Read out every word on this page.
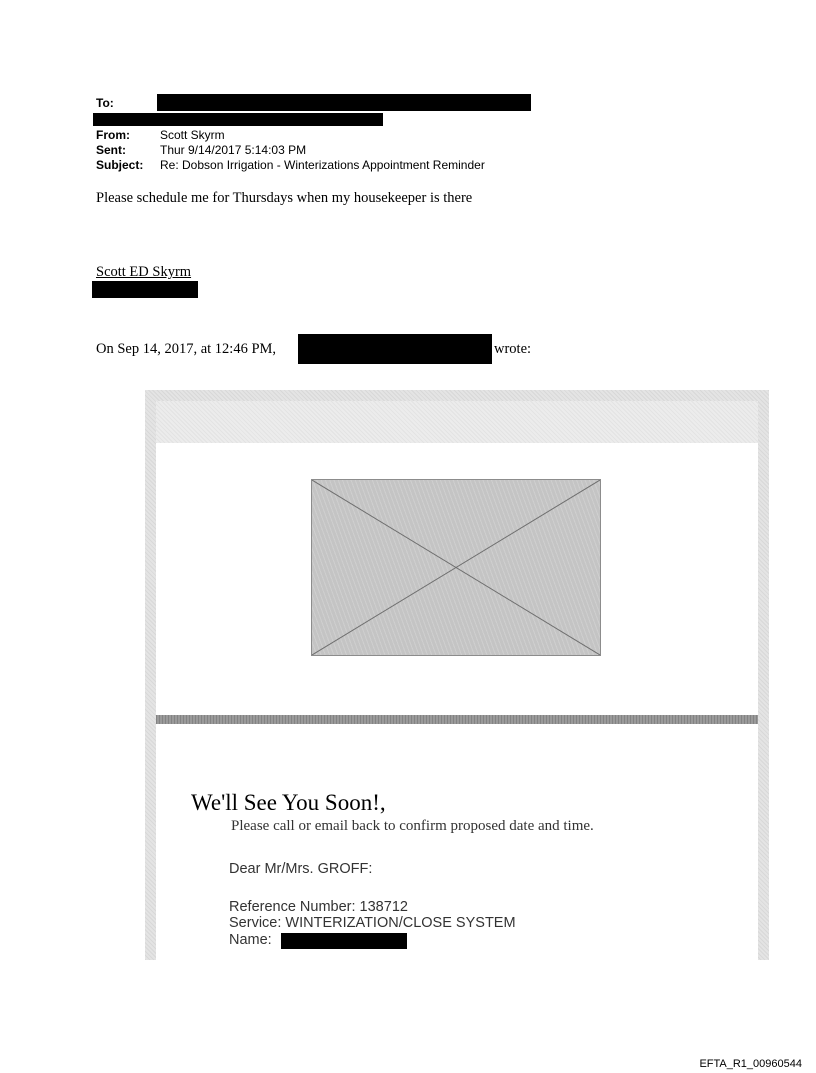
To:
From:	Scott Skyrm
Sent:	Thur 9/14/2017 5:14:03 PM
Subject: Re: Dobson Irrigation - Winterizations Appointment Reminder
Please schedule me for Thursdays when my housekeeper is there
Scott ED Skyrm
On Sep 14, 2017, at 12:46 PM,	wrote:
We'll See You Soon!,
Please call or email back to confirm proposed date and time.
Dear Mr/Mrs. GROFF:
Reference Number: 138712
Service: WINTERIZATION/CLOSE SYSTEM
Name:
EFTA_R1_00960544
